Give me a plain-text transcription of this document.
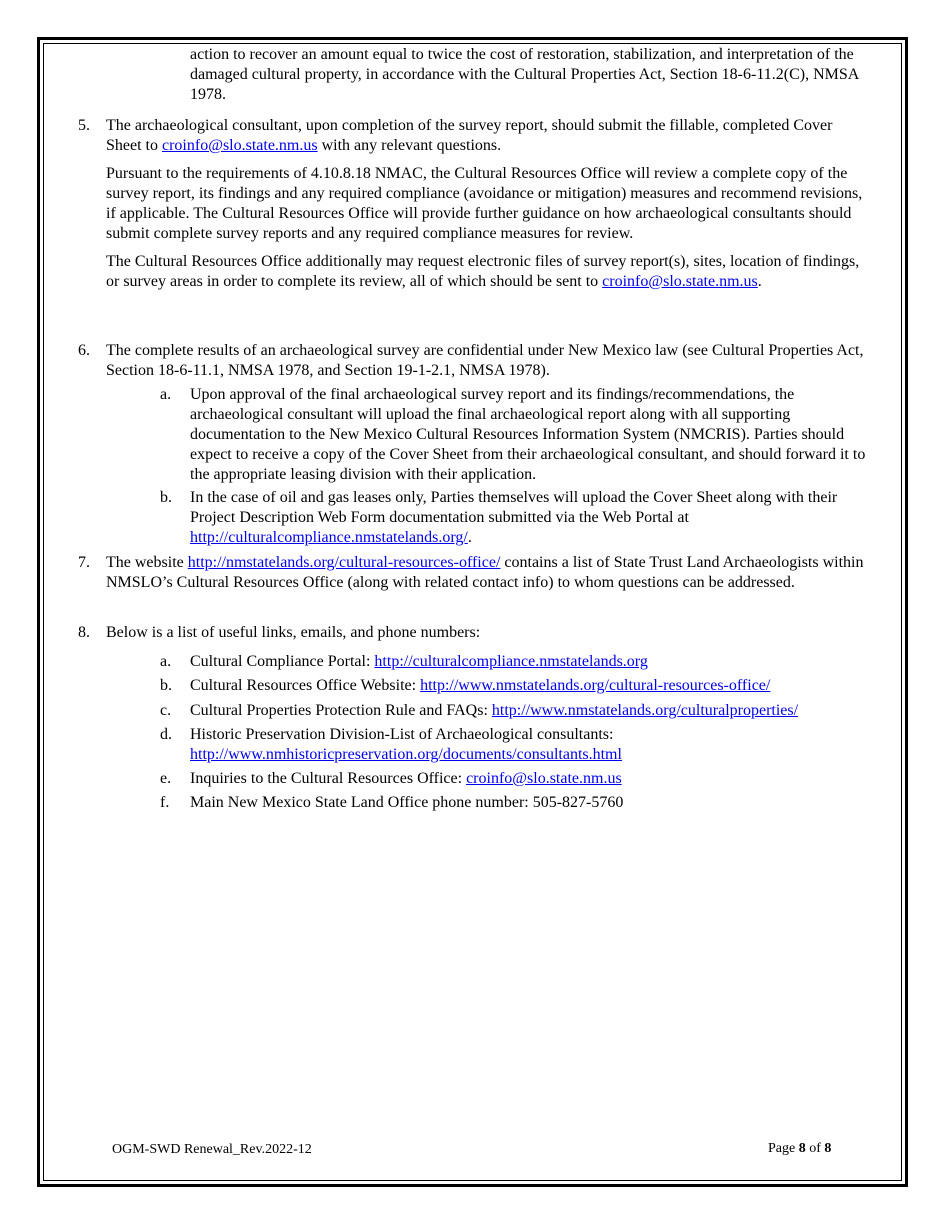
action to recover an amount equal to twice the cost of restoration, stabilization, and interpretation of the damaged cultural property, in accordance with the Cultural Properties Act, Section 18-6-11.2(C), NMSA 1978.

5. The archaeological consultant, upon completion of the survey report, should submit the fillable, completed Cover Sheet to croinfo@slo.state.nm.us with any relevant questions.

Pursuant to the requirements of 4.10.8.18 NMAC, the Cultural Resources Office will review a complete copy of the survey report, its findings and any required compliance (avoidance or mitigation) measures and recommend revisions, if applicable. The Cultural Resources Office will provide further guidance on how archaeological consultants should submit complete survey reports and any required compliance measures for review.

The Cultural Resources Office additionally may request electronic files of survey report(s), sites, location of findings, or survey areas in order to complete its review, all of which should be sent to croinfo@slo.state.nm.us.

6. The complete results of an archaeological survey are confidential under New Mexico law (see Cultural Properties Act, Section 18-6-11.1, NMSA 1978, and Section 19-1-2.1, NMSA 1978).

a. Upon approval of the final archaeological survey report and its findings/recommendations, the archaeological consultant will upload the final archaeological report along with all supporting documentation to the New Mexico Cultural Resources Information System (NMCRIS). Parties should expect to receive a copy of the Cover Sheet from their archaeological consultant, and should forward it to the appropriate leasing division with their application.
b. In the case of oil and gas leases only, Parties themselves will upload the Cover Sheet along with their Project Description Web Form documentation submitted via the Web Portal at http://culturalcompliance.nmstatelands.org/.
7. The website http://nmstatelands.org/cultural-resources-office/ contains a list of State Trust Land Archaeologists within NMSLO’s Cultural Resources Office (along with related contact info) to whom questions can be addressed.
8. Below is a list of useful links, emails, and phone numbers:

a. Cultural Compliance Portal: http://culturalcompliance.nmstatelands.org
b. Cultural Resources Office Website: http://www.nmstatelands.org/cultural-resources-office/
c. Cultural Properties Protection Rule and FAQs: http://www.nmstatelands.org/culturalproperties/
d. Historic Preservation Division-List of Archaeological consultants:
http://www.nmhistoricpreservation.org/documents/consultants.html
e. Inquiries to the Cultural Resources Office: croinfo@slo.state.nm.us
f. Main New Mexico State Land Office phone number: 505-827-5760
OGM-SWD Renewal_Rev.2022-12	Page 8 of 8
